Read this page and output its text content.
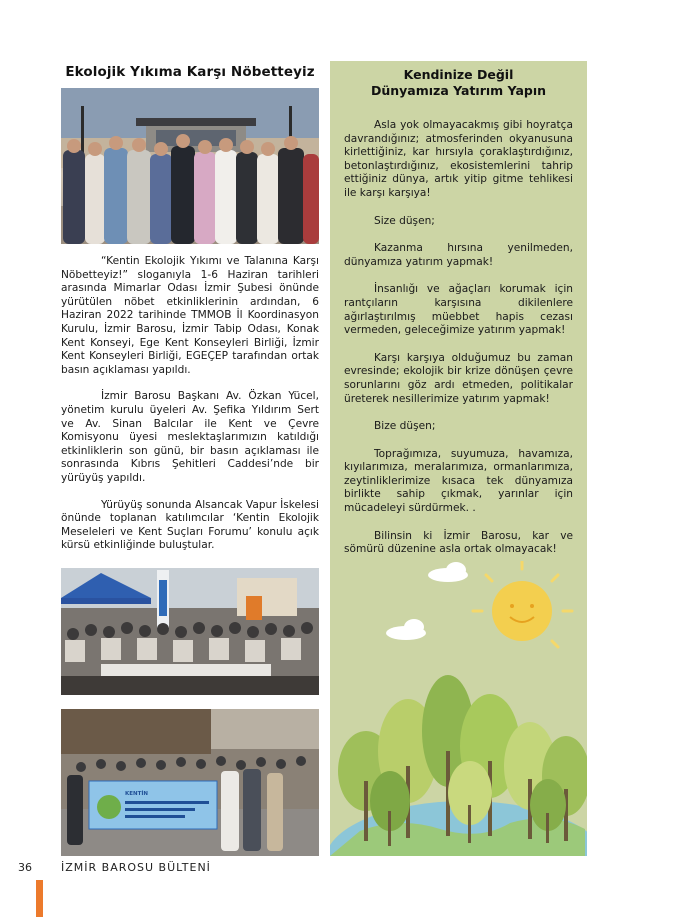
Ekolojik Yıkıma Karşı Nöbetteyiz

“Kentin Ekolojik Yıkımı ve Talanına Karşı Nöbetteyiz!” sloganıyla 1-6 Haziran tarihleri arasında Mimarlar Odası İzmir Şubesi önünde yürütülen nöbet etkinliklerinin ardından, 6 Haziran 2022 tarihinde TMMOB İl Koordinasyon Kurulu, İzmir Barosu, İzmir Tabip Odası, Konak Kent Konseyi, Ege Kent Konseyleri Birliği, İzmir Kent Konseyleri Birliği, EGEÇEP tarafından ortak basın açıklaması yapıldı.

İzmir Barosu Başkanı Av. Özkan Yücel, yönetim kurulu üyeleri Av. Şefika Yıldırım Sert ve Av. Sinan Balcılar ile Kent ve Çevre Komisyonu üyesi meslektaşlarımızın katıldığı etkinliklerin son günü, bir basın açıklaması ile sonrasında Kıbrıs Şehitleri Caddesi’nde bir yürüyüş yapıldı.

Yürüyüş sonunda Alsancak Vapur İskelesi önünde toplanan katılımcılar ‘Kentin Ekolojik Meseleleri ve Kent Suçları Forumu’ konulu açık kürsü etkinliğinde buluştular.

KENTİN
Kendinize Değil
Dünyamıza Yatırım Yapın

Asla yok olmayacakmış gibi hoyratça davrandığınız; atmosferinden okyanusuna kirlettiğiniz, kar hırsıyla çoraklaştırdığınız, betonlaştırdığınız, ekosistemlerini tahrip ettiğiniz dünya, artık yitip gitme tehlikesi ile karşı karşıya!

Size düşen;

Kazanma hırsına yenilmeden, dünyamıza yatırım yapmak!

İnsanlığı ve ağaçları korumak için rantçıların karşısına dikilenlere ağırlaştırılmış müebbet hapis cezası vermeden, geleceğimize yatırım yapmak!

Karşı karşıya olduğumuz bu zaman evresinde; ekolojik bir krize dönüşen çevre sorunlarını göz ardı etmeden, politikalar üreterek nesillerimize yatırım yapmak!

Bize düşen;

Toprağımıza, suyumuza, havamıza, kıyılarımıza, meralarımıza, ormanlarımıza, zeytinliklerimize kısaca tek dünyamıza birlikte sahip çıkmak, yarınlar için mücadeleyi sürdürmek. .

Bilinsin ki İzmir Barosu, kar ve sömürü düzenine asla ortak olmayacak!

36	İZMİR BAROSU BÜLTENİ
